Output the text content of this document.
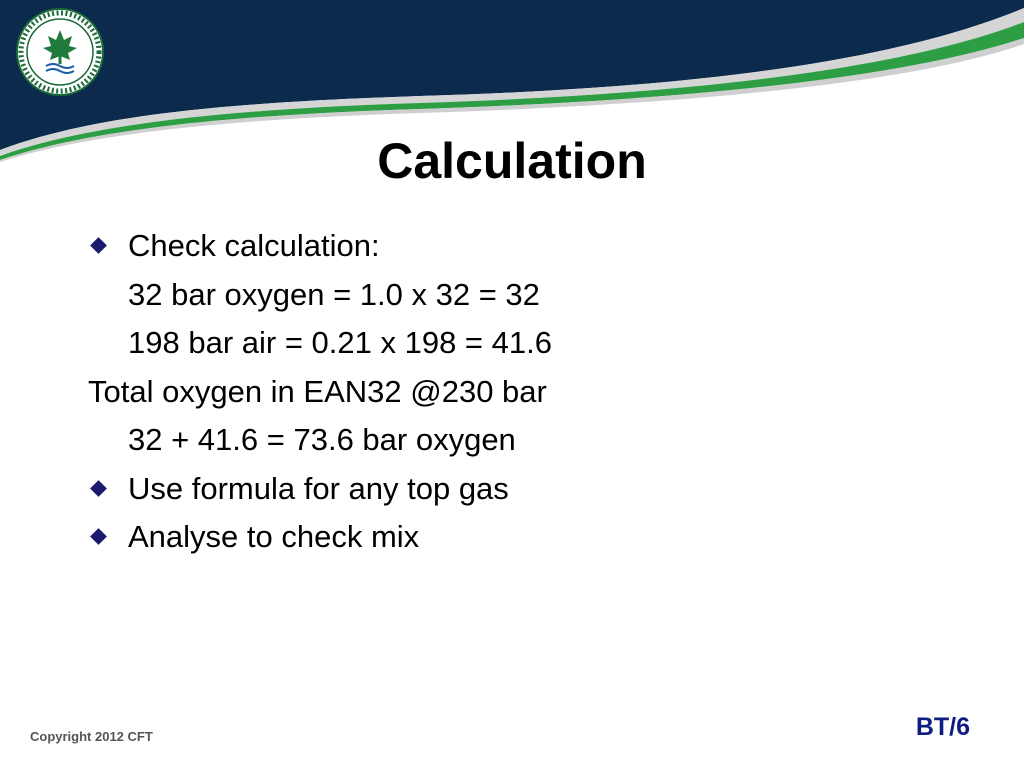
Calculation
Check calculation:
32 bar oxygen = 1.0 x 32 = 32
198 bar air = 0.21 x 198 = 41.6
Total oxygen in EAN32 @230 bar
32 + 41.6 = 73.6 bar oxygen
Use formula for any top gas
Analyse to check mix
Copyright 2012 CFT	BT/6
